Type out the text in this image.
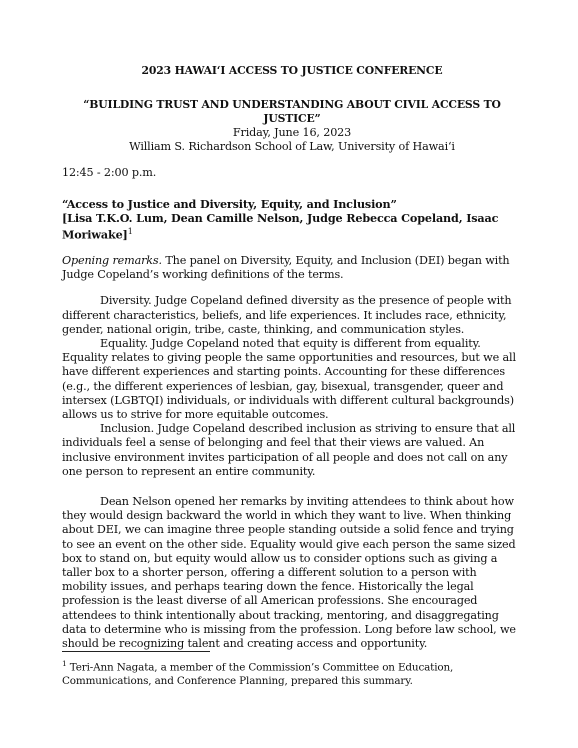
2023 HAWAI‘I ACCESS TO JUSTICE CONFERENCE
“BUILDING TRUST AND UNDERSTANDING ABOUT CIVIL ACCESS TO JUSTICE”
Friday, June 16, 2023
William S. Richardson School of Law, University of Hawai‘i
12:45 - 2:00 p.m.
“Access to Justice and Diversity, Equity, and Inclusion”
[Lisa T.K.O. Lum, Dean Camille Nelson, Judge Rebecca Copeland, Isaac Moriwake]$^1$

Opening remarks. The panel on Diversity, Equity, and Inclusion (DEI) began with Judge Copeland’s working definitions of the terms.

Diversity. Judge Copeland defined diversity as the presence of people with different characteristics, beliefs, and life experiences. It includes race, ethnicity, gender, national origin, tribe, caste, thinking, and communication styles.

Equality. Judge Copeland noted that equity is different from equality. Equality relates to giving people the same opportunities and resources, but we all have different experiences and starting points. Accounting for these differences (e.g., the different experiences of lesbian, gay, bisexual, transgender, queer and intersex (LGBTQI) individuals, or individuals with different cultural backgrounds) allows us to strive for more equitable outcomes.

Inclusion. Judge Copeland described inclusion as striving to ensure that all individuals feel a sense of belonging and feel that their views are valued. An inclusive environment invites participation of all people and does not call on any one person to represent an entire community.

Dean Nelson opened her remarks by inviting attendees to think about how they would design backward the world in which they want to live. When thinking about DEI, we can imagine three people standing outside a solid fence and trying to see an event on the other side. Equality would give each person the same sized box to stand on, but equity would allow us to consider options such as giving a taller box to a shorter person, offering a different solution to a person with mobility issues, and perhaps tearing down the fence. Historically the legal profession is the least diverse of all American professions. She encouraged attendees to think intentionally about tracking, mentoring, and disaggregating data to determine who is missing from the profession. Long before law school, we should be recognizing talent and creating access and opportunity.

$^1$ Teri-Ann Nagata, a member of the Commission’s Committee on Education, Communications, and Conference Planning, prepared this summary.
